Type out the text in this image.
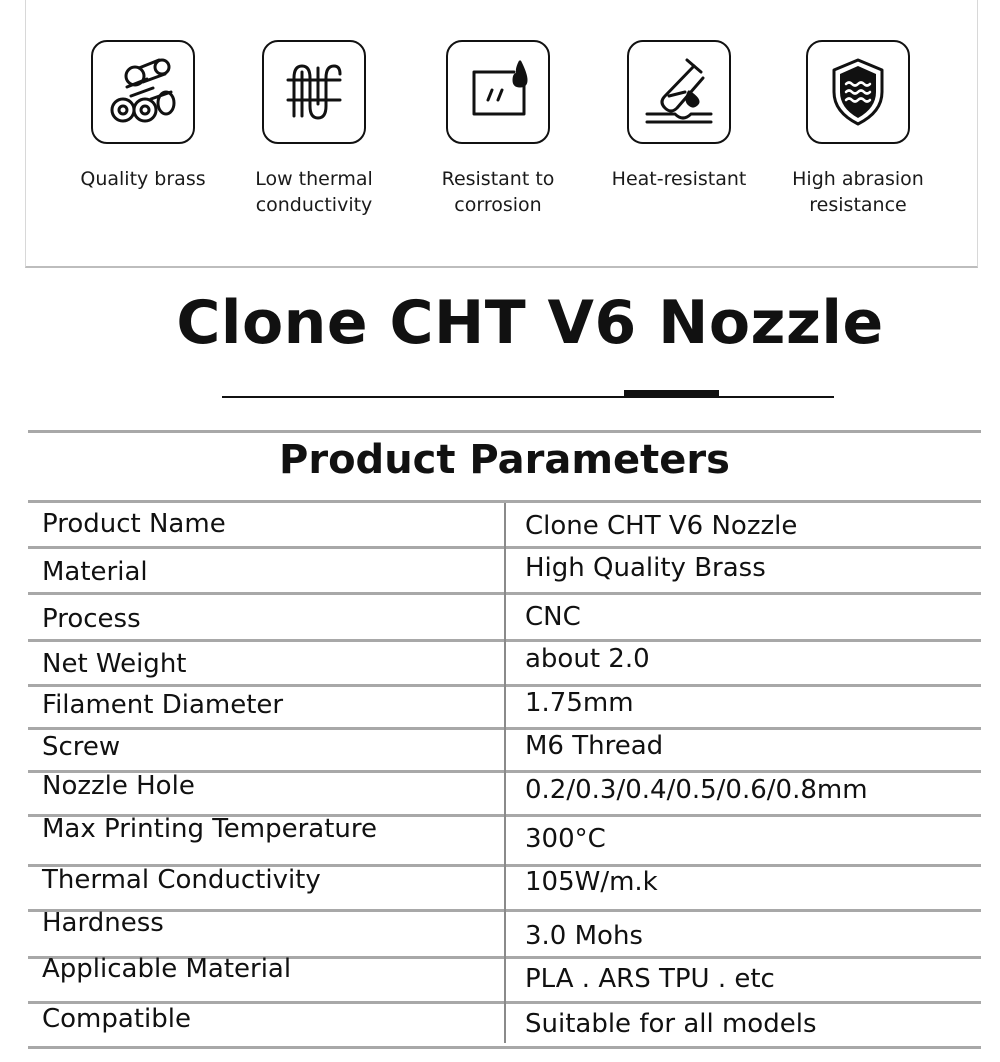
Quality brass	Low thermal
conductivity
Resistant to
corrosion
Heat-resistant	High abrasion
resistance
Clone CHT V6 Nozzle
Product Parameters
Product Name	Clone CHT V6 Nozzle
Material	High Quality Brass
Process	CNC
Net Weight	about 2.0
Filament Diameter	1.75mm
Screw	M6 Thread
Nozzle Hole	0.2/0.3/0.4/0.5/0.6/0.8mm
Max Printing Temperature	300°C
Thermal Conductivity	105W/m.k
Hardness	3.0 Mohs
Applicable Material	PLA . ARS TPU . etc
Compatible	Suitable for all models
